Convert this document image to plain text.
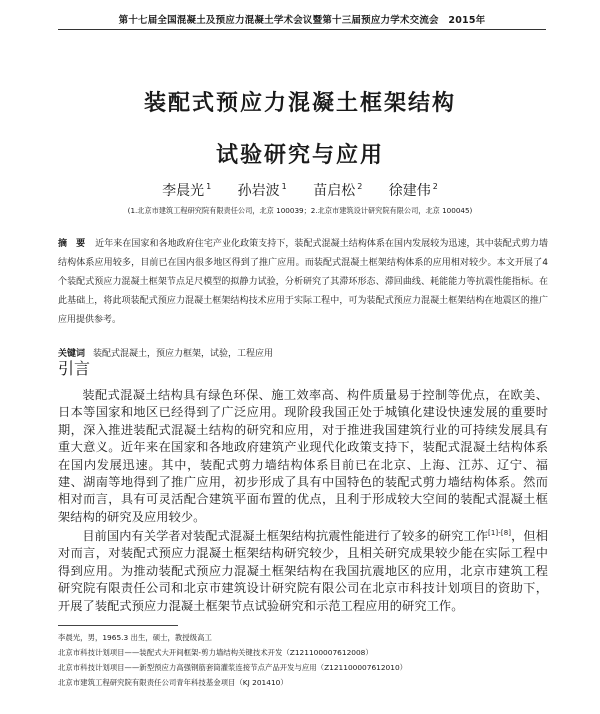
第十七届全国混凝土及预应力混凝土学术会议暨第十三届预应力学术交流会　2015年
装配式预应力混凝土框架结构
试验研究与应用
李晨光 $^1$ 孙岩波 $^1$ 苗启松 $^2$ 徐建伟 $^2$
(1.北京市建筑工程研究院有限责任公司，北京 100039；2.北京市建筑设计研究院有限公司，北京 100045)
摘　要 近年来在国家和各地政府住宅产业化政策支持下，装配式混凝土结构体系在国内发展较为迅速，其中装配式剪力墙结构体系应用较多，目前已在国内很多地区得到了推广应用。而装配式混凝土框架结构体系的应用相对较少。本文开展了4个装配式预应力混凝土框架节点足尺模型的拟静力试验，分析研究了其滞环形态、滞回曲线、耗能能力等抗震性能指标。在此基础上，将此项装配式预应力混凝土框架结构技术应用于实际工程中，可为装配式预应力混凝土框架结构在地震区的推广应用提供参考。
关键词 装配式混凝土，预应力框架，试验，工程应用
引言
装配式混凝土结构具有绿色环保、施工效率高、构件质量易于控制等优点，在欧美、日本等国家和地区已经得到了广泛应用。现阶段我国正处于城镇化建设快速发展的重要时期，深入推进装配式混凝土结构的研究和应用，对于推进我国建筑行业的可持续发展具有重大意义。近年来在国家和各地政府建筑产业现代化政策支持下，装配式混凝土结构体系在国内发展迅速。其中，装配式剪力墙结构体系目前已在北京、上海、江苏、辽宁、福建、湖南等地得到了推广应用，初步形成了具有中国特色的装配式剪力墙结构体系。然而相对而言，具有可灵活配合建筑平面布置的优点，且利于形成较大空间的装配式混凝土框架结构的研究及应用较少。
目前国内有关学者对装配式混凝土框架结构抗震性能进行了较多的研究工作[1]-[8]，但相对而言，对装配式预应力混凝土框架结构研究较少，且相关研究成果较少能在实际工程中得到应用。为推动装配式预应力混凝土框架结构在我国抗震地区的应用，北京市建筑工程研究院有限责任公司和北京市建筑设计研究院有限公司在北京市科技计划项目的资助下，开展了装配式预应力混凝土框架节点试验研究和示范工程应用的研究工作。
李晨光，男，1965.3 出生，硕士，教授级高工
北京市科技计划项目——装配式大开间框架-剪力墙结构关键技术开发（Z121100007612008）
北京市科技计划项目——新型预应力高强钢筋套筒灌浆连接节点产品开发与应用（Z121100007612010）
北京市建筑工程研究院有限责任公司青年科技基金项目（KJ 201410）
